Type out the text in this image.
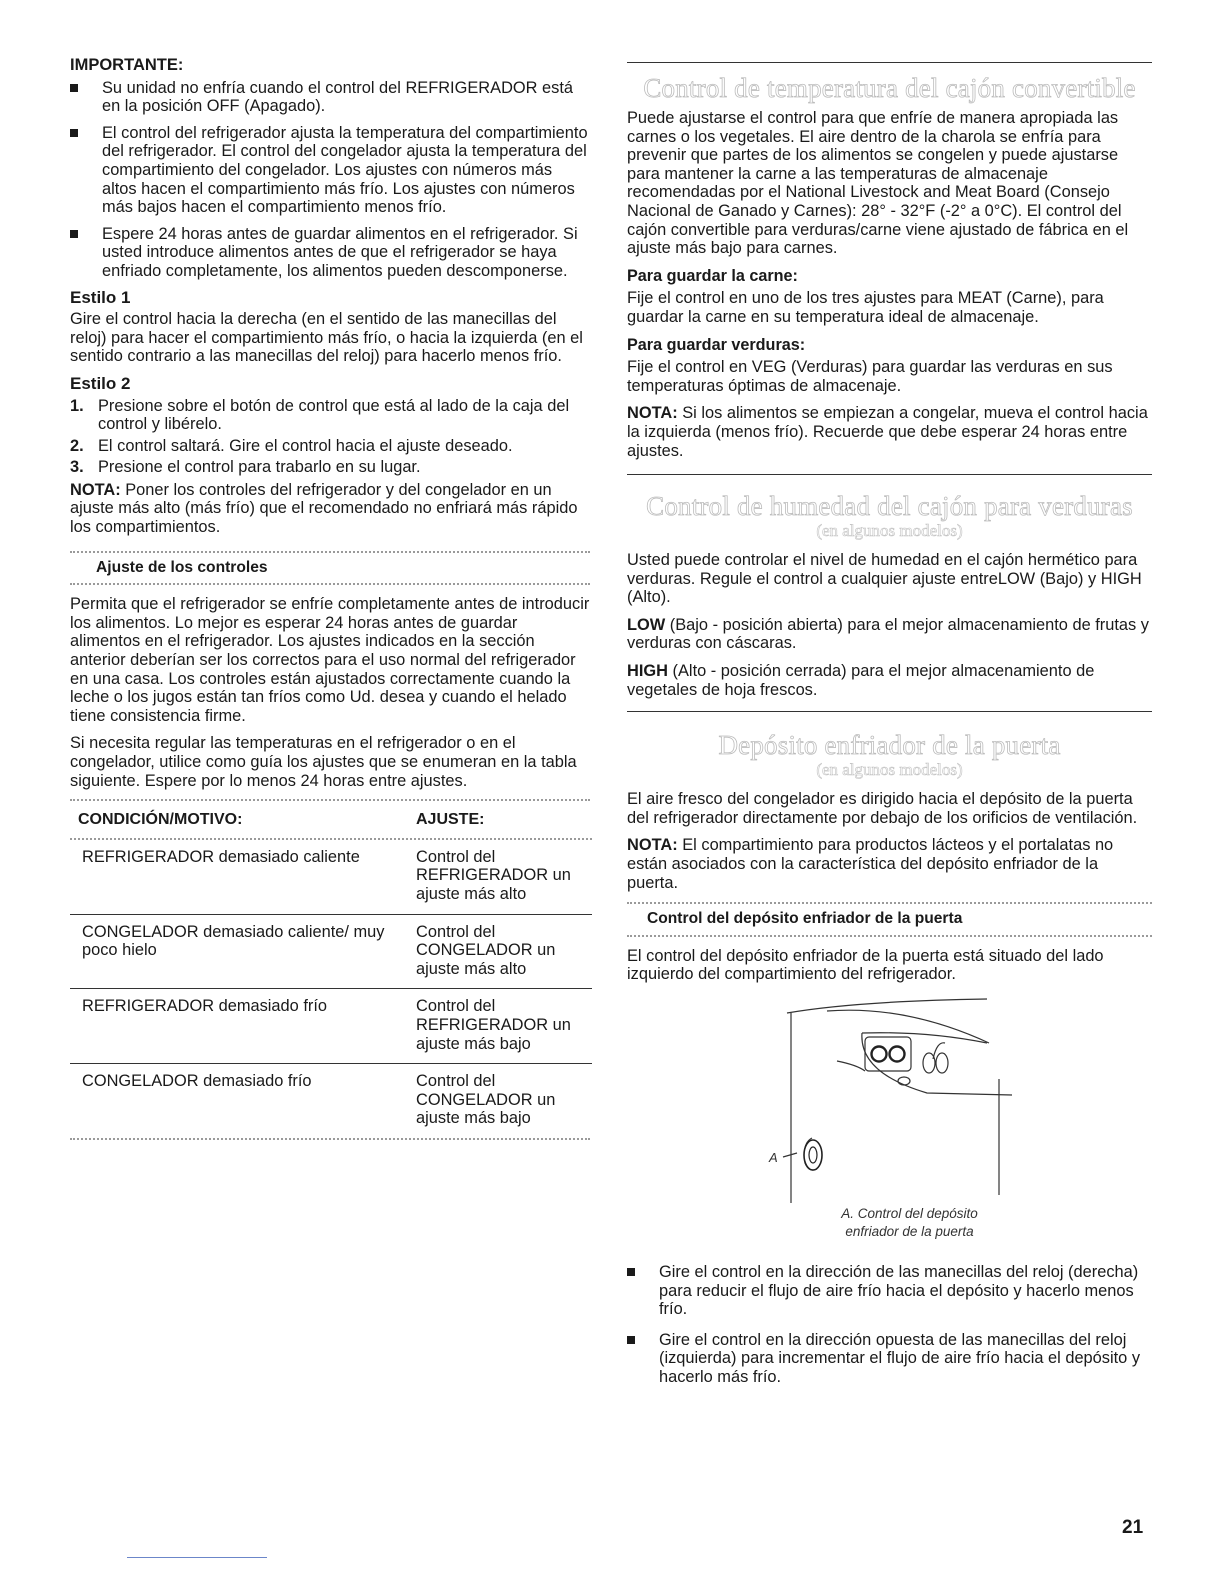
IMPORTANTE:
Su unidad no enfría cuando el control del REFRIGERADOR está en la posición OFF (Apagado).
El control del refrigerador ajusta la temperatura del compartimiento del refrigerador. El control del congelador ajusta la temperatura del compartimiento del congelador. Los ajustes con números más altos hacen el compartimiento más frío. Los ajustes con números más bajos hacen el compartimiento menos frío.
Espere 24 horas antes de guardar alimentos en el refrigerador. Si usted introduce alimentos antes de que el refrigerador se haya enfriado completamente, los alimentos pueden descomponerse.
Estilo 1

Gire el control hacia la derecha (en el sentido de las manecillas del reloj) para hacer el compartimiento más frío, o hacia la izquierda (en el sentido contrario a las manecillas del reloj) para hacerlo menos frío.

Estilo 2
1. Presione sobre el botón de control que está al lado de la caja del control y libérelo.
2. El control saltará. Gire el control hacia el ajuste deseado.
3. Presione el control para trabarlo en su lugar.

NOTA: Poner los controles del refrigerador y del congelador en un ajuste más alto (más frío) que el recomendado no enfriará más rápido los compartimientos.

Ajuste de los controles

Permita que el refrigerador se enfríe completamente antes de introducir los alimentos. Lo mejor es esperar 24 horas antes de guardar alimentos en el refrigerador. Los ajustes indicados en la sección anterior deberían ser los correctos para el uso normal del refrigerador en una casa. Los controles están ajustados correctamente cuando la leche o los jugos están tan fríos como Ud. desea y cuando el helado tiene consistencia firme.

Si necesita regular las temperaturas en el refrigerador o en el congelador, utilice como guía los ajustes que se enumeran en la tabla siguiente. Espere por lo menos 24 horas entre ajustes.

CONDICIÓN/MOTIVO:	AJUSTE:

REFRIGERADOR demasiado caliente	Control del REFRIGERADOR un ajuste más alto
CONGELADOR demasiado caliente/ muy poco hielo	Control del CONGELADOR un ajuste más alto
REFRIGERADOR demasiado frío	Control del REFRIGERADOR un ajuste más bajo
CONGELADOR demasiado frío	Control del CONGELADOR un ajuste más bajo
Control de temperatura del cajón convertible

Puede ajustarse el control para que enfríe de manera apropiada las carnes o los vegetales. El aire dentro de la charola se enfría para prevenir que partes de los alimentos se congelen y puede ajustarse para mantener la carne a las temperaturas de almacenaje recomendadas por el National Livestock and Meat Board (Consejo Nacional de Ganado y Carnes): 28° - 32°F (-2° a 0°C). El control del cajón convertible para verduras/carne viene ajustado de fábrica en el ajuste más bajo para carnes.

Para guardar la carne:

Fije el control en uno de los tres ajustes para MEAT (Carne), para guardar la carne en su temperatura ideal de almacenaje.

Para guardar verduras:

Fije el control en VEG (Verduras) para guardar las verduras en sus temperaturas óptimas de almacenaje.

NOTA: Si los alimentos se empiezan a congelar, mueva el control hacia la izquierda (menos frío). Recuerde que debe esperar 24 horas entre ajustes.

Control de humedad del cajón para verduras
(en algunos modelos)

Usted puede controlar el nivel de humedad en el cajón hermético para verduras. Regule el control a cualquier ajuste entreLOW (Bajo) y HIGH (Alto).

LOW (Bajo - posición abierta) para el mejor almacenamiento de frutas y verduras con cáscaras.

HIGH (Alto - posición cerrada) para el mejor almacenamiento de vegetales de hoja frescos.

Depósito enfriador de la puerta
(en algunos modelos)

El aire fresco del congelador es dirigido hacia el depósito de la puerta del refrigerador directamente por debajo de los orificios de ventilación.

NOTA: El compartimiento para productos lácteos y el portalatas no están asociados con la característica del depósito enfriador de la puerta.

Control del depósito enfriador de la puerta

El control del depósito enfriador de la puerta está situado del lado izquierdo del compartimiento del refrigerador.

A
A. Control del depósito
enfriador de la puerta
Gire el control en la dirección de las manecillas del reloj (derecha) para reducir el flujo de aire frío hacia el depósito y hacerlo menos frío.
Gire el control en la dirección opuesta de las manecillas del reloj (izquierda) para incrementar el flujo de aire frío hacia el depósito y hacerlo más frío.
21
